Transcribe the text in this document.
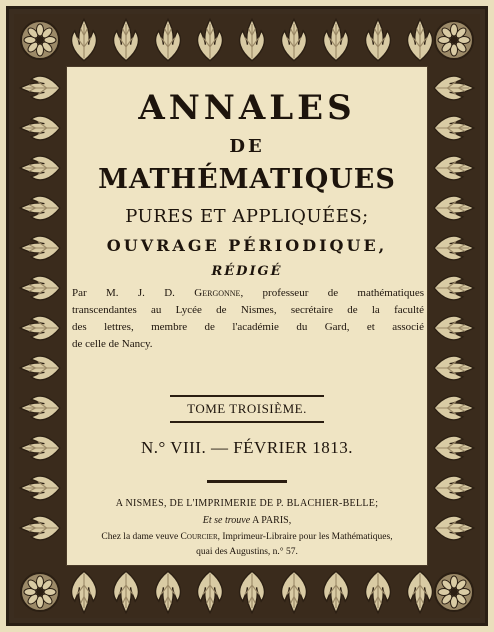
ANNALES
DE
MATHÉMATIQUES
PURES ET APPLIQUÉES;
OUVRAGE PÉRIODIQUE,
RÉDIGÉ
Par M. J. D. Gergonne, professeur de mathématiques
transcendantes au Lycée de Nismes, secrétaire de la faculté
des lettres, membre de l'académie du Gard, et associé
de celle de Nancy.
TOME TROISIÈME.
N.° VIII. — FÉVRIER 1813.
A NISMES, DE L'IMPRIMERIE DE P. BLACHIER-BELLE;
Et se trouve A PARIS,
Chez la dame veuve Courcier, Imprimeur-Libraire pour les Mathématiques,
quai des Augustins, n.° 57.
